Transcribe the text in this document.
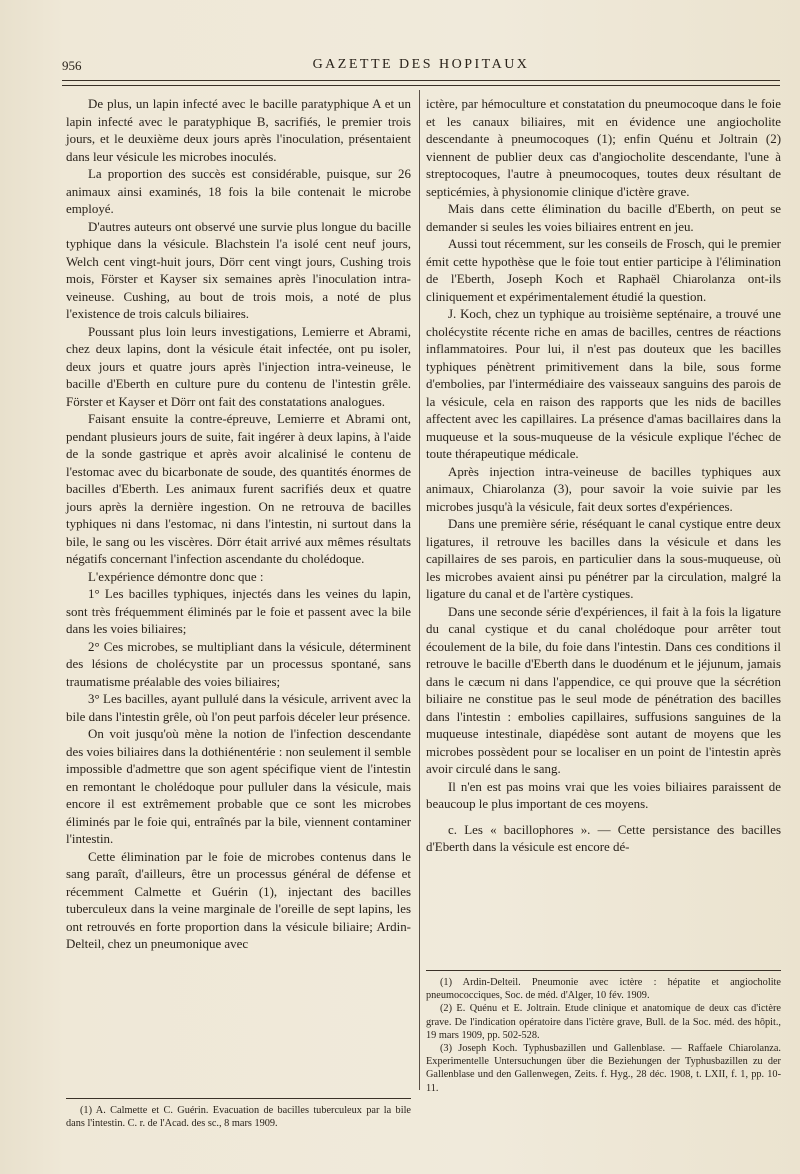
956	GAZETTE DES HOPITAUX

De plus, un lapin infecté avec le bacille paratyphique A et un lapin infecté avec le paratyphique B, sacrifiés, le premier trois jours, et le deuxième deux jours après l'inoculation, présentaient dans leur vésicule les microbes inoculés.

La proportion des succès est considérable, puisque, sur 26 animaux ainsi examinés, 18 fois la bile contenait le microbe employé.

D'autres auteurs ont observé une survie plus longue du bacille typhique dans la vésicule. Blachstein l'a isolé cent neuf jours, Welch cent vingt-huit jours, Dörr cent vingt jours, Cushing trois mois, Förster et Kayser six semaines après l'inoculation intra-veineuse. Cushing, au bout de trois mois, a noté de plus l'existence de trois calculs biliaires.

Poussant plus loin leurs investigations, Lemierre et Abrami, chez deux lapins, dont la vésicule était infectée, ont pu isoler, deux jours et quatre jours après l'injection intra-veineuse, le bacille d'Eberth en culture pure du contenu de l'intestin grêle. Förster et Kayser et Dörr ont fait des constatations analogues.

Faisant ensuite la contre-épreuve, Lemierre et Abrami ont, pendant plusieurs jours de suite, fait ingérer à deux lapins, à l'aide de la sonde gastrique et après avoir alcalinisé le contenu de l'estomac avec du bicarbonate de soude, des quantités énormes de bacilles d'Eberth. Les animaux furent sacrifiés deux et quatre jours après la dernière ingestion. On ne retrouva de bacilles typhiques ni dans l'estomac, ni dans l'intestin, ni surtout dans la bile, le sang ou les viscères. Dörr était arrivé aux mêmes résultats négatifs concernant l'infection ascendante du cholédoque.

L'expérience démontre donc que :

1° Les bacilles typhiques, injectés dans les veines du lapin, sont très fréquemment éliminés par le foie et passent avec la bile dans les voies biliaires;

2° Ces microbes, se multipliant dans la vésicule, déterminent des lésions de cholécystite par un processus spontané, sans traumatisme préalable des voies biliaires;

3° Les bacilles, ayant pullulé dans la vésicule, arrivent avec la bile dans l'intestin grêle, où l'on peut parfois déceler leur présence.

On voit jusqu'où mène la notion de l'infection descendante des voies biliaires dans la dothiénentérie : non seulement il semble impossible d'admettre que son agent spécifique vient de l'intestin en remontant le cholédoque pour pulluler dans la vésicule, mais encore il est extrêmement probable que ce sont les microbes éliminés par le foie qui, entraînés par la bile, viennent contaminer l'intestin.

Cette élimination par le foie de microbes contenus dans le sang paraît, d'ailleurs, être un processus général de défense et récemment Calmette et Guérin (1), injectant des bacilles tuberculeux dans la veine marginale de l'oreille de sept lapins, les ont retrouvés en forte proportion dans la vésicule biliaire; Ardin-Delteil, chez un pneumonique avec

(1) A. Calmette et C. Guérin. Evacuation de bacilles tuberculeux par la bile dans l'intestin. C. r. de l'Acad. des sc., 8 mars 1909.

ictère, par hémoculture et constatation du pneumocoque dans le foie et les canaux biliaires, mit en évidence une angiocholite descendante à pneumocoques (1); enfin Quénu et Joltrain (2) viennent de publier deux cas d'angiocholite descendante, l'une à streptocoques, l'autre à pneumocoques, toutes deux résultant de septicémies, à physionomie clinique d'ictère grave.

Mais dans cette élimination du bacille d'Eberth, on peut se demander si seules les voies biliaires entrent en jeu.

Aussi tout récemment, sur les conseils de Frosch, qui le premier émit cette hypothèse que le foie tout entier participe à l'élimination de l'Eberth, Joseph Koch et Raphaël Chiarolanza ont-ils cliniquement et expérimentalement étudié la question.

J. Koch, chez un typhique au troisième septénaire, a trouvé une cholécystite récente riche en amas de bacilles, centres de réactions inflammatoires. Pour lui, il n'est pas douteux que les bacilles typhiques pénètrent primitivement dans la bile, sous forme d'embolies, par l'intermédiaire des vaisseaux sanguins des parois de la vésicule, cela en raison des rapports que les nids de bacilles affectent avec les capillaires. La présence d'amas bacillaires dans la muqueuse et la sous-muqueuse de la vésicule explique l'échec de toute thérapeutique médicale.

Après injection intra-veineuse de bacilles typhiques aux animaux, Chiarolanza (3), pour savoir la voie suivie par les microbes jusqu'à la vésicule, fait deux sortes d'expériences.

Dans une première série, réséquant le canal cystique entre deux ligatures, il retrouve les bacilles dans la vésicule et dans les capillaires de ses parois, en particulier dans la sous-muqueuse, où les microbes avaient ainsi pu pénétrer par la circulation, malgré la ligature du canal et de l'artère cystiques.

Dans une seconde série d'expériences, il fait à la fois la ligature du canal cystique et du canal cholédoque pour arrêter tout écoulement de la bile, du foie dans l'intestin. Dans ces conditions il retrouve le bacille d'Eberth dans le duodénum et le jéjunum, jamais dans le cæcum ni dans l'appendice, ce qui prouve que la sécrétion biliaire ne constitue pas le seul mode de pénétration des bacilles dans l'intestin : embolies capillaires, suffusions sanguines de la muqueuse intestinale, diapédèse sont autant de moyens que les microbes possèdent pour se localiser en un point de l'intestin après avoir circulé dans le sang.

Il n'en est pas moins vrai que les voies biliaires paraissent de beaucoup le plus important de ces moyens.

c. Les « bacillophores ». — Cette persistance des bacilles d'Eberth dans la vésicule est encore dé-

(1) Ardin-Delteil. Pneumonie avec ictère : hépatite et angiocholite pneumococciques, Soc. de méd. d'Alger, 10 fév. 1909.

(2) E. Quénu et E. Joltrain. Etude clinique et anatomique de deux cas d'ictère grave. De l'indication opératoire dans l'ictère grave, Bull. de la Soc. méd. des hôpit., 19 mars 1909, pp. 502-528.

(3) Joseph Koch. Typhusbazillen und Gallenblase. — Raffaele Chiarolanza. Experimentelle Untersuchungen über die Beziehungen der Typhusbazillen zu der Gallenblase und den Gallenwegen, Zeits. f. Hyg., 28 déc. 1908, t. LXII, f. 1, pp. 10-11.
